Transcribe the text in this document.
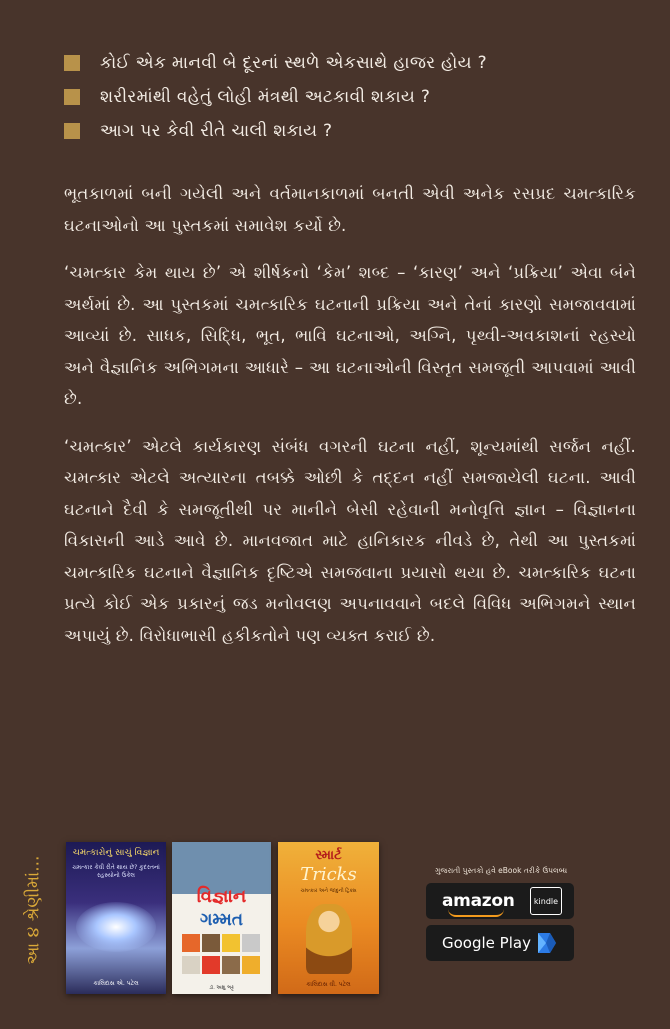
કોઈ એક માનવી બે દૂરનાં સ્થળે એકસાથે હાજર હોય ?
શરીરમાંથી વહેતું લોહી મંત્રથી અટકાવી શકાય ?
આગ પર કેવી રીતે ચાલી શકાય ?

ભૂતકાળમાં બની ગયેલી અને વર્તમાનકાળમાં બનતી એવી અનેક રસપ્રદ ચમત્કારિક ઘટનાઓનો આ પુસ્તકમાં સમાવેશ કર્યો છે.

‘ચમત્કાર કેમ થાય છે’ એ શીર્ષકનો ‘કેમ’ શબ્દ – ‘કારણ’ અને ‘પ્રક્રિયા’ એવા બંને અર્થમાં છે. આ પુસ્તકમાં ચમત્કારિક ઘટનાની પ્રક્રિયા અને તેનાં કારણો સમજાવવામાં આવ્યાં છે. સાધક, સિદ્ધિ, ભૂત, ભાવિ ઘટનાઓ, અગ્નિ, પૃથ્વી-અવકાશનાં રહસ્યો અને વૈજ્ઞાનિક અભિગમના આધારે – આ ઘટનાઓની વિસ્તૃત સમજૂતી આપવામાં આવી છે.

‘ચમત્કાર’ એટલે કાર્યકારણ સંબંધ વગરની ઘટના નહીં, શૂન્યમાંથી સર્જન નહીં. ચમત્કાર એટલે અત્યારના તબક્કે ઓછી કે તદ્દન નહીં સમજાયેલી ઘટના. આવી ઘટનાને દૈવી કે સમજૂતીથી પર માનીને બેસી રહેવાની મનોવૃત્તિ જ્ઞાન – વિજ્ઞાનના વિકાસની આડે આવે છે. માનવજાત માટે હાનિકારક નીવડે છે, તેથી આ પુસ્તકમાં ચમત્કારિક ઘટનાને વૈજ્ઞાનિક દૃષ્ટિએ સમજવાના પ્રયાસો થયા છે. ચમત્કારિક ઘટના પ્રત્યે કોઈ એક પ્રકારનું જડ મનોવલણ અપનાવવાને બદલે વિવિધ અભિગમને સ્થાન અપાયું છે. વિરોધાભાસી હકીકતોને પણ વ્યક્ત કરાઈ છે.

આ ૪ શ્રેણીમાં...
ચમત્કારોનું સાચું વિજ્ઞાન
ચમત્કાર કેવી રીતે થાય છે? કુદરતનાં રહસ્યોનો ઉકેલ
કાલિદાસ એ. પટેલ
વિજ્ઞાન
ગમ્મત
ડૉ. અશુ ભટ્ટ
સ્માર્ટ
Tricks
ચમત્કાર અને જાદુની ટ્રિક્સ
કાલિદાસ વી. પટેલ
ગુજરાતી પુસ્તકો હવે eBook તરીકે ઉપલબ્ધ
amazon	kindle
Google Play
